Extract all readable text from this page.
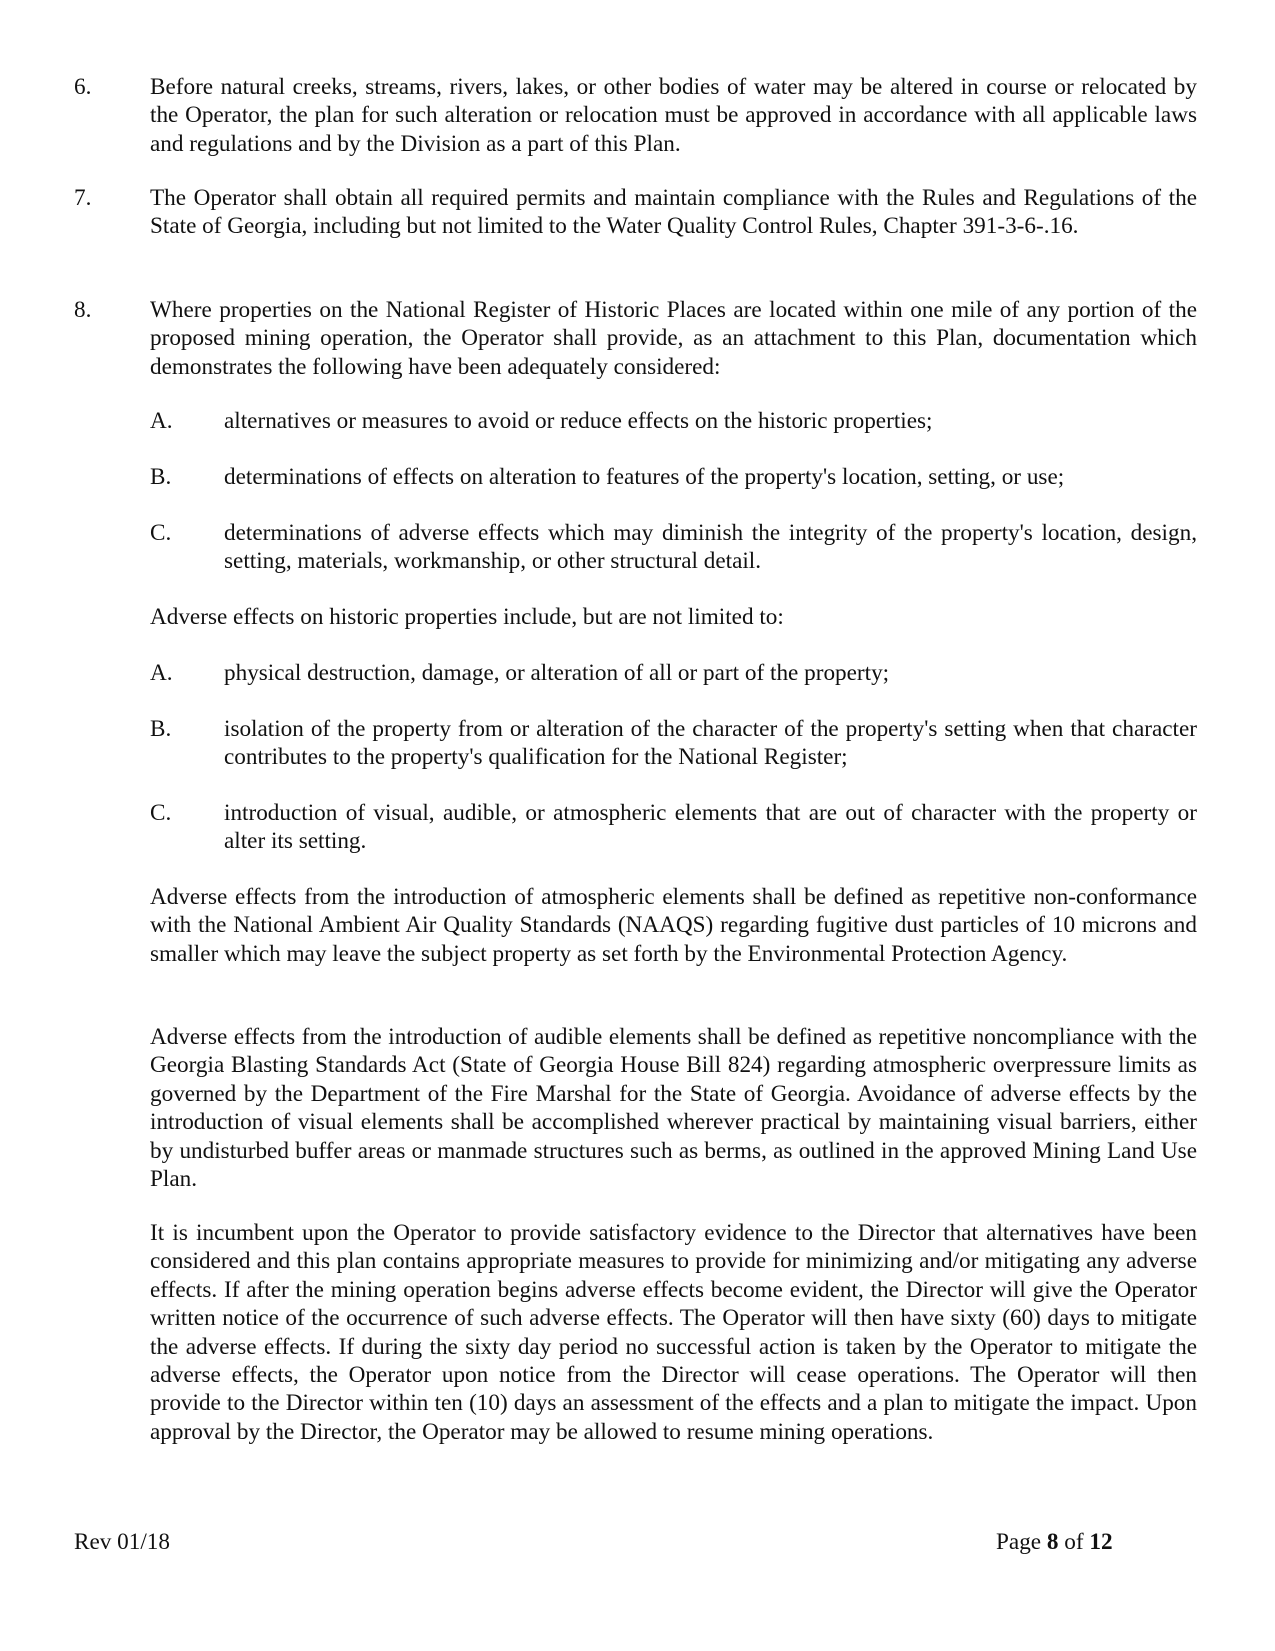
6.	Before natural creeks, streams, rivers, lakes, or other bodies of water may be altered in course or relocated by the Operator, the plan for such alteration or relocation must be approved in accordance with all applicable laws and regulations and by the Division as a part of this Plan.
7.	The Operator shall obtain all required permits and maintain compliance with the Rules and Regulations of the State of Georgia, including but not limited to the Water Quality Control Rules, Chapter 391-3-6-.16.
8.	Where properties on the National Register of Historic Places are located within one mile of any portion of the proposed mining operation, the Operator shall provide, as an attachment to this Plan, documentation which demonstrates the following have been adequately considered:
A. alternatives or measures to avoid or reduce effects on the historic properties;
B. determinations of effects on alteration to features of the property's location, setting, or use;
C. determinations of adverse effects which may diminish the integrity of the property's location, design, setting, materials, workmanship, or other structural detail.
Adverse effects on historic properties include, but are not limited to:
A. physical destruction, damage, or alteration of all or part of the property;
B. isolation of the property from or alteration of the character of the property's setting when that character contributes to the property's qualification for the National Register;
C. introduction of visual, audible, or atmospheric elements that are out of character with the property or alter its setting.
Adverse effects from the introduction of atmospheric elements shall be defined as repetitive non-conformance with the National Ambient Air Quality Standards (NAAQS) regarding fugitive dust particles of 10 microns and smaller which may leave the subject property as set forth by the Environmental Protection Agency.
Adverse effects from the introduction of audible elements shall be defined as repetitive noncompliance with the Georgia Blasting Standards Act (State of Georgia House Bill 824) regarding atmospheric overpressure limits as governed by the Department of the Fire Marshal for the State of Georgia. Avoidance of adverse effects by the introduction of visual elements shall be accomplished wherever practical by maintaining visual barriers, either by undisturbed buffer areas or manmade structures such as berms, as outlined in the approved Mining Land Use Plan.
It is incumbent upon the Operator to provide satisfactory evidence to the Director that alternatives have been considered and this plan contains appropriate measures to provide for minimizing and/or mitigating any adverse effects. If after the mining operation begins adverse effects become evident, the Director will give the Operator written notice of the occurrence of such adverse effects. The Operator will then have sixty (60) days to mitigate the adverse effects. If during the sixty day period no successful action is taken by the Operator to mitigate the adverse effects, the Operator upon notice from the Director will cease operations. The Operator will then provide to the Director within ten (10) days an assessment of the effects and a plan to mitigate the impact. Upon approval by the Director, the Operator may be allowed to resume mining operations.
Rev 01/18	Page 8 of 12
